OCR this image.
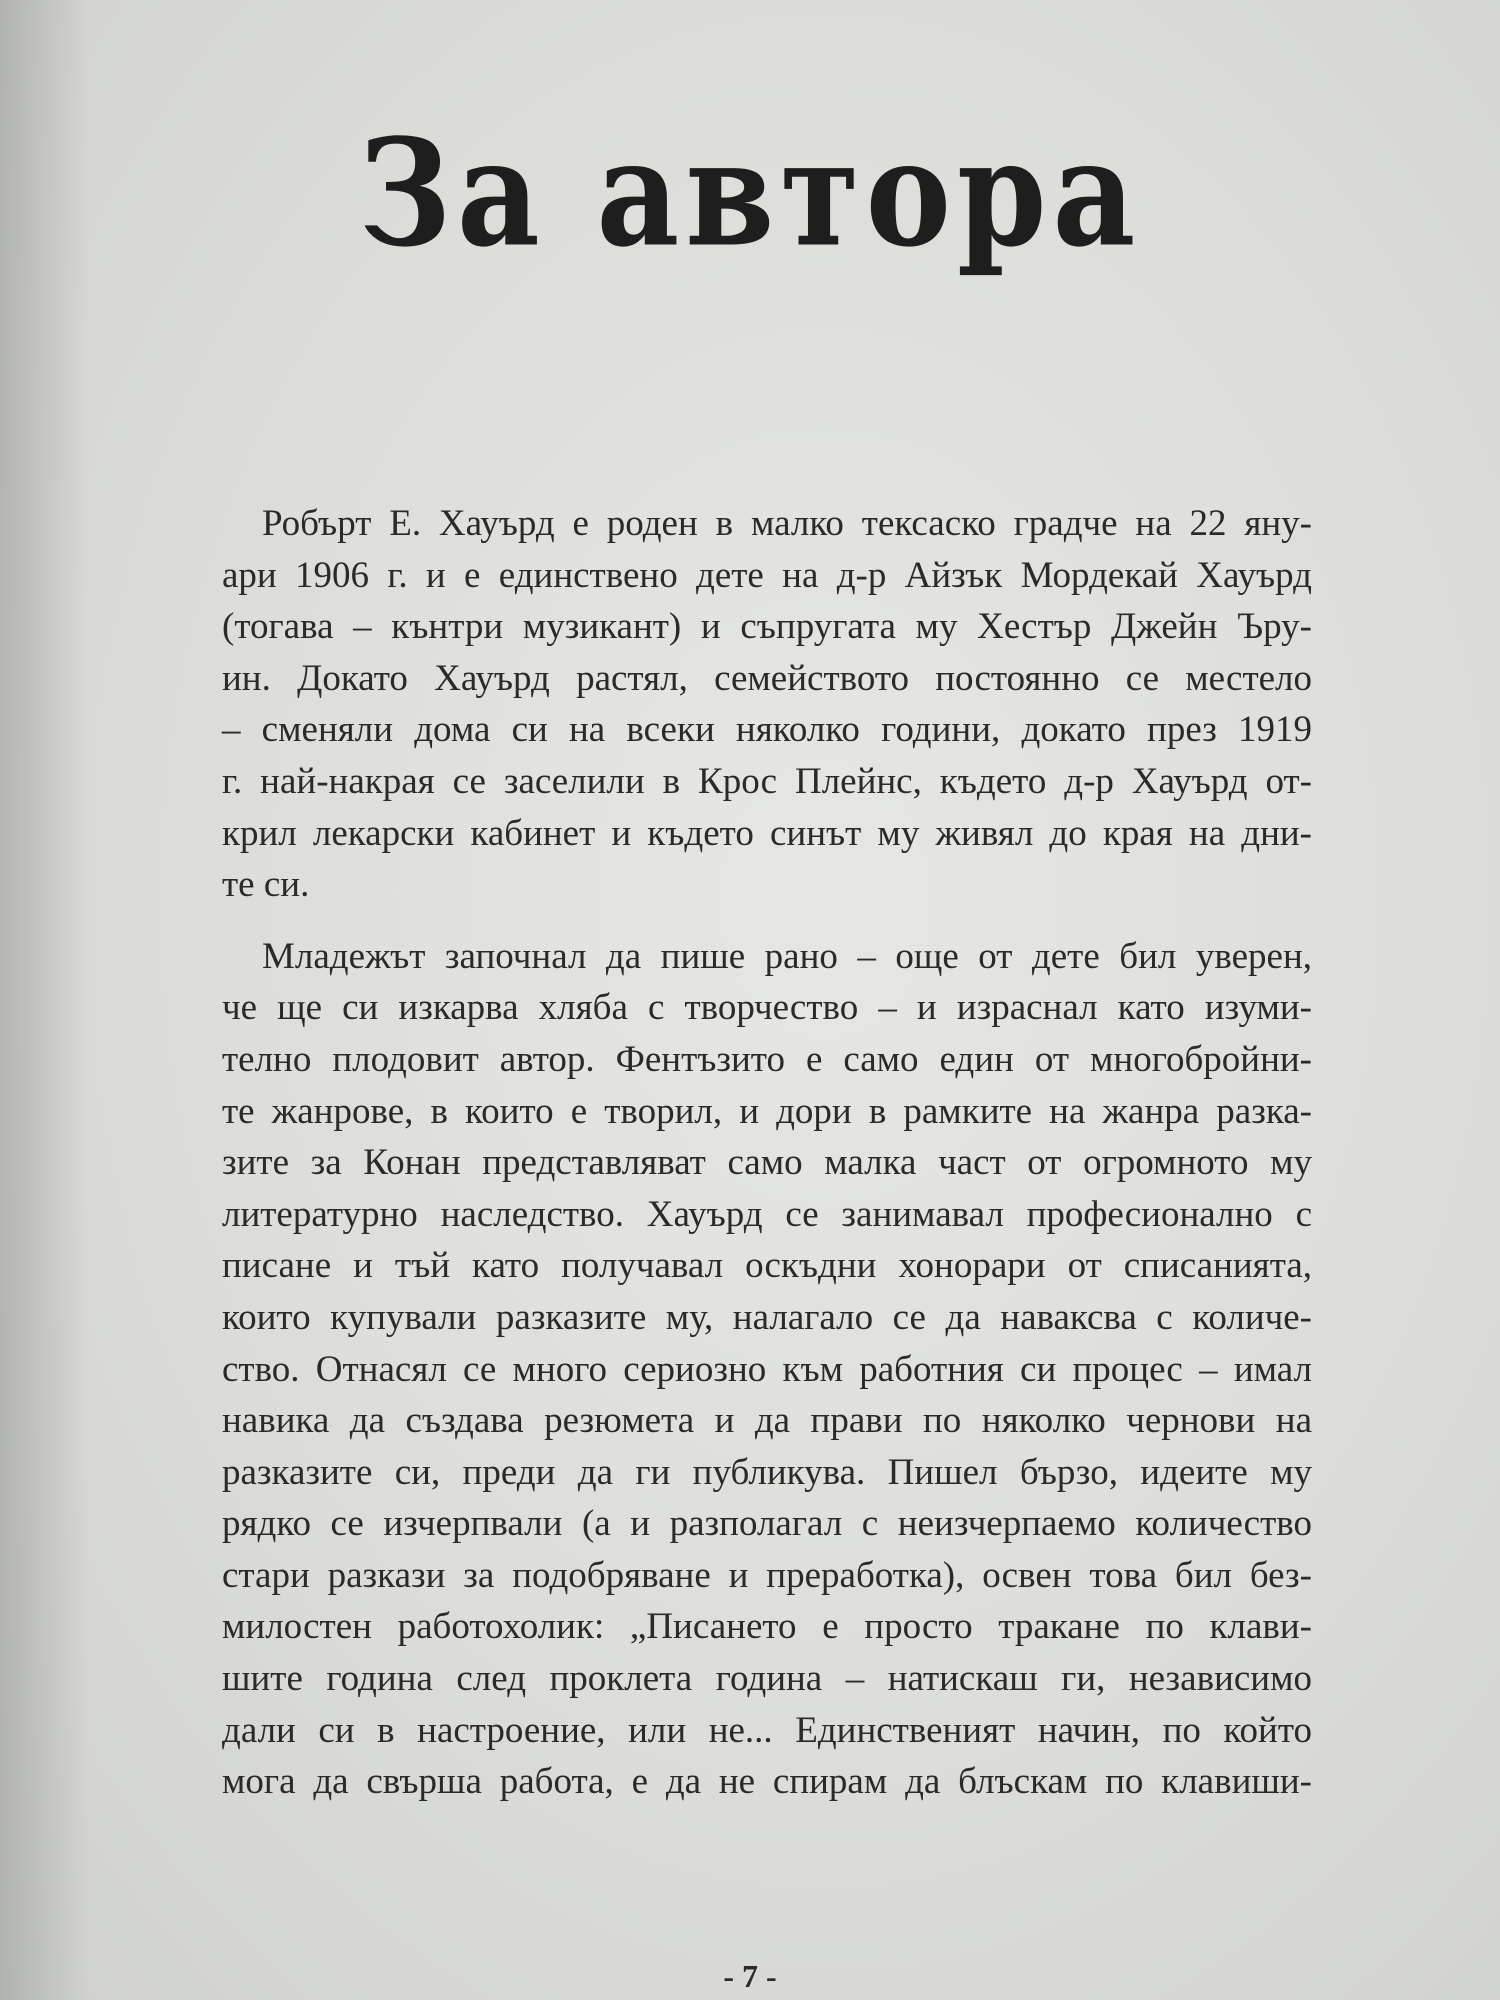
За автора
Робърт Е. Хауърд е роден в малко тексаско градче на 22 яну-
ари 1906 г. и е единствено дете на д-р Айзък Мордекай Хауърд
(тогава – кънтри музикант) и съпругата му Хестър Джейн Ъру-
ин. Докато Хауърд растял, семейството постоянно се местело
– сменяли дома си на всеки няколко години, докато през 1919
г. най-накрая се заселили в Крос Плейнс, където д-р Хауърд от-
крил лекарски кабинет и където синът му живял до края на дни-
те си.
Младежът започнал да пише рано – още от дете бил уверен,
че ще си изкарва хляба с творчество – и израснал като изуми-
телно плодовит автор. Фентъзито е само един от многобройни-
те жанрове, в които е творил, и дори в рамките на жанра разка-
зите за Конан представляват само малка част от огромното му
литературно наследство. Хауърд се занимавал професионално с
писане и тъй като получавал оскъдни хонорари от списанията,
които купували разказите му, налагало се да наваксва с количе-
ство. Отнасял се много сериозно към работния си процес – имал
навика да създава резюмета и да прави по няколко чернови на
разказите си, преди да ги публикува. Пишел бързо, идеите му
рядко се изчерпвали (а и разполагал с неизчерпаемо количество
стари разкази за подобряване и преработка), освен това бил без-
милостен работохолик: „Писането е просто тракане по клави-
шите година след проклета година – натискаш ги, независимо
дали си в настроение, или не... Единственият начин, по който
мога да свърша работа, е да не спирам да блъскам по клавиши-
- 7 -
